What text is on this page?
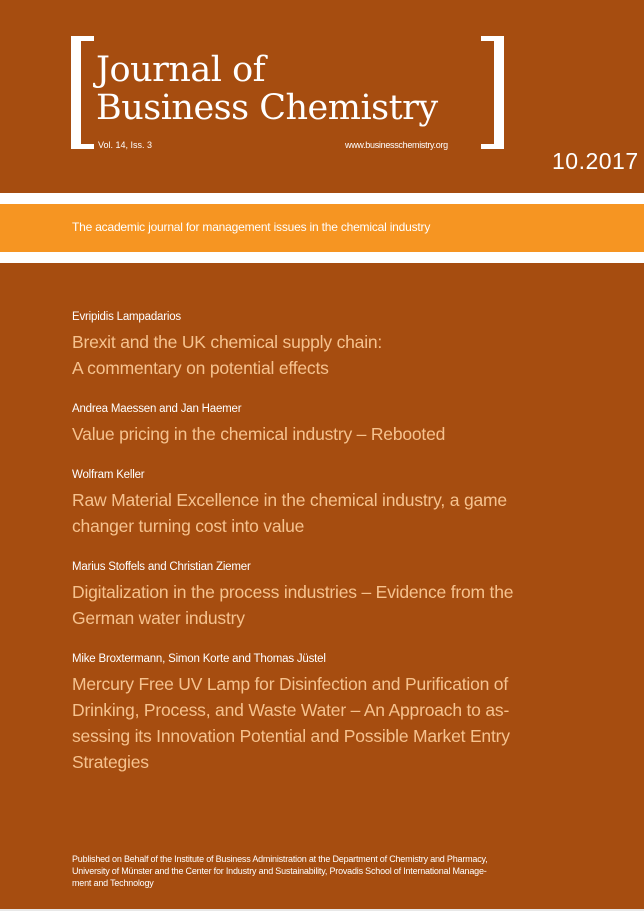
Journal of
Business Chemistry
Vol. 14, Iss. 3	www.businesschemistry.org
10.2017
The academic journal for management issues in the chemical industry
Evripidis Lampadarios
Brexit and the UK chemical supply chain:
A commentary on potential effects
Andrea Maessen and Jan Haemer
Value pricing in the chemical industry – Rebooted
Wolfram Keller
Raw Material Excellence in the chemical industry, a game
changer turning cost into value
Marius Stoffels and Christian Ziemer
Digitalization in the process industries – Evidence from the
German water industry
Mike Broxtermann, Simon Korte and Thomas Jüstel
Mercury Free UV Lamp for Disinfection and Purification of
Drinking, Process, and Waste Water – An Approach to as-
sessing its Innovation Potential and Possible Market Entry
Strategies
Published on Behalf of the Institute of Business Administration at the Department of Chemistry and Pharmacy,
University of Münster and the Center for Industry and Sustainability, Provadis School of International Manage-
ment and Technology
